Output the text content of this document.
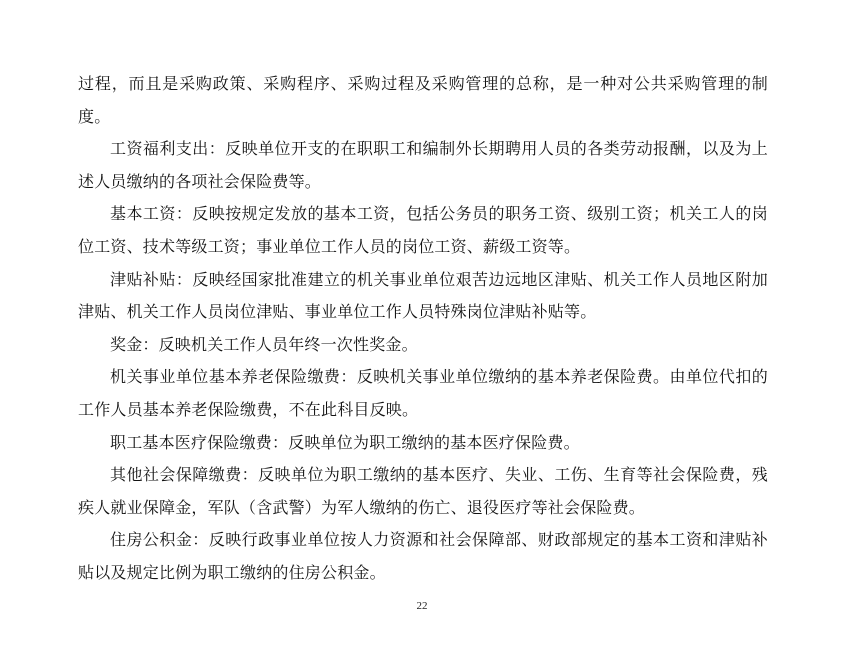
过程，而且是采购政策、采购程序、采购过程及采购管理的总称，是一种对公共采购管理的制度。

工资福利支出：反映单位开支的在职职工和编制外长期聘用人员的各类劳动报酬，以及为上述人员缴纳的各项社会保险费等。

基本工资：反映按规定发放的基本工资，包括公务员的职务工资、级别工资；机关工人的岗位工资、技术等级工资；事业单位工作人员的岗位工资、薪级工资等。

津贴补贴：反映经国家批准建立的机关事业单位艰苦边远地区津贴、机关工作人员地区附加津贴、机关工作人员岗位津贴、事业单位工作人员特殊岗位津贴补贴等。

奖金：反映机关工作人员年终一次性奖金。

机关事业单位基本养老保险缴费：反映机关事业单位缴纳的基本养老保险费。由单位代扣的工作人员基本养老保险缴费，不在此科目反映。

职工基本医疗保险缴费：反映单位为职工缴纳的基本医疗保险费。

其他社会保障缴费：反映单位为职工缴纳的基本医疗、失业、工伤、生育等社会保险费，残疾人就业保障金，军队（含武警）为军人缴纳的伤亡、退役医疗等社会保险费。

住房公积金：反映行政事业单位按人力资源和社会保障部、财政部规定的基本工资和津贴补贴以及规定比例为职工缴纳的住房公积金。

22
